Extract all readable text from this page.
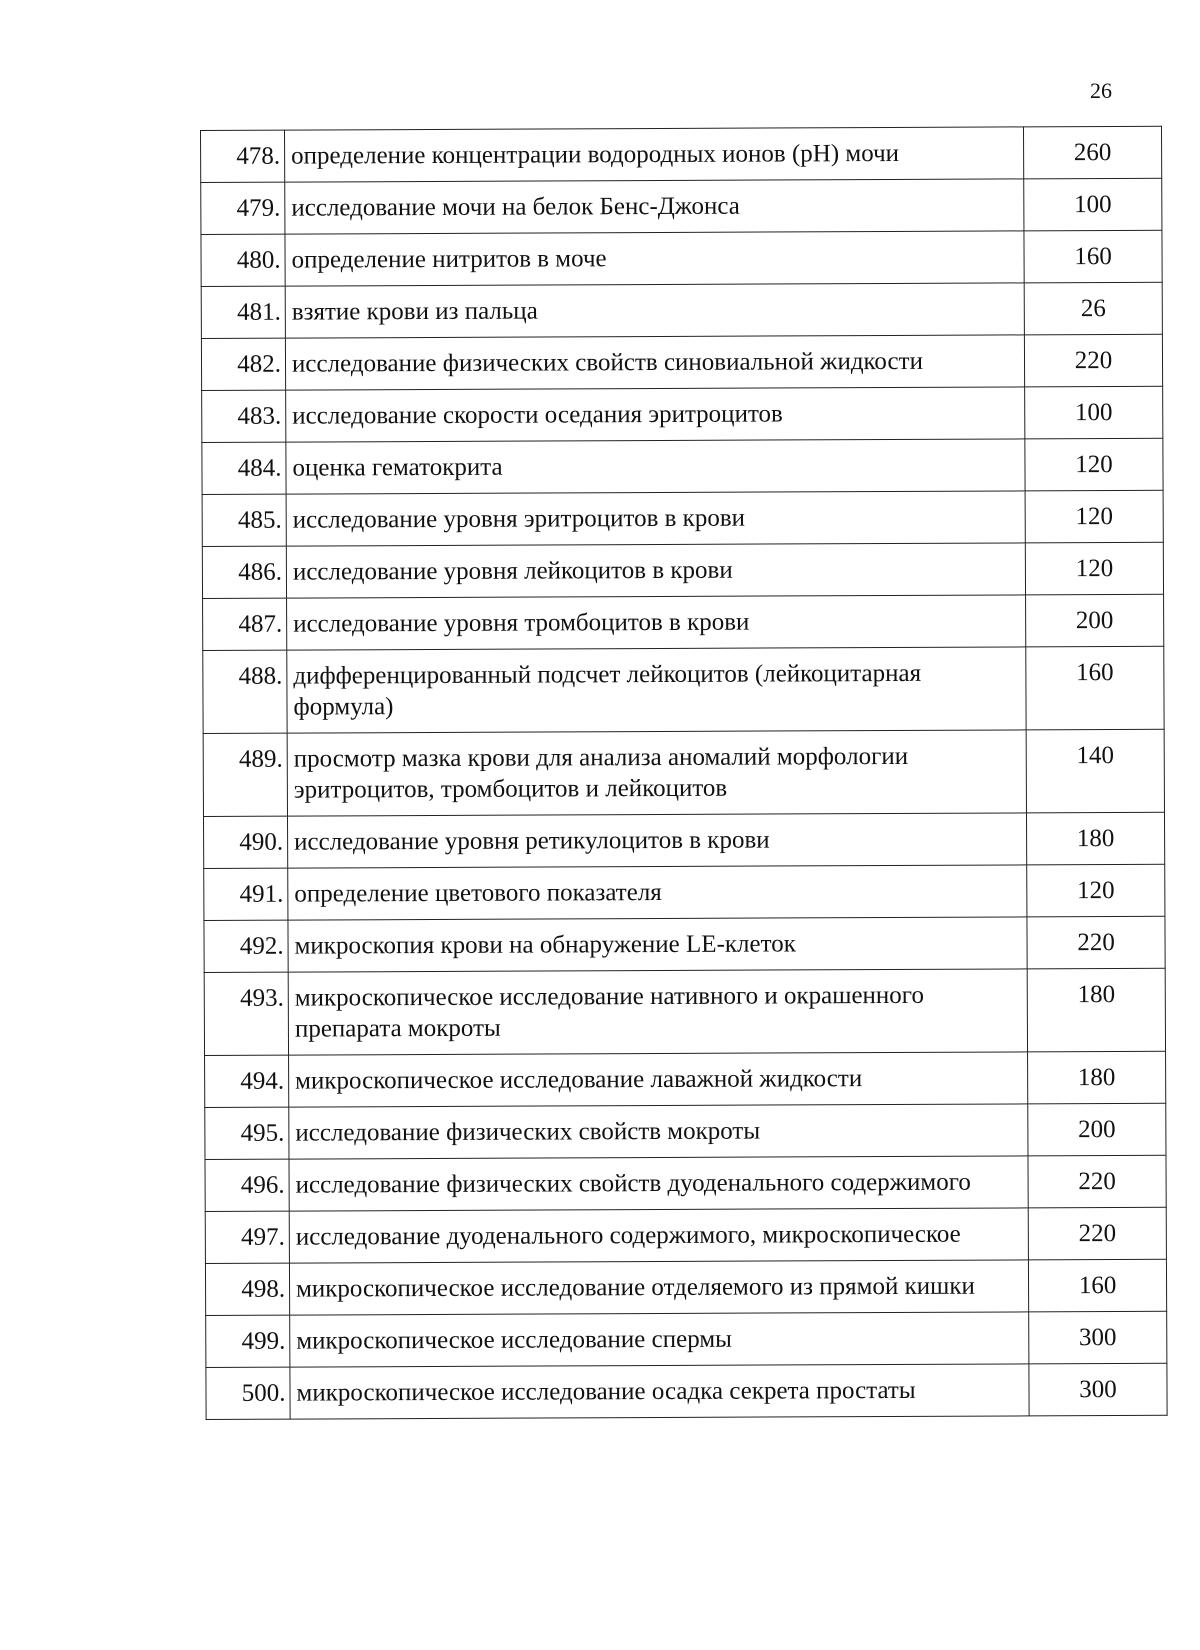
26
478.	определение концентрации водородных ионов (pH) мочи	260
479.	исследование мочи на белок Бенс-Джонса	100
480.	определение нитритов в моче	160
481.	взятие крови из пальца	26
482.	исследование физических свойств синовиальной жидкости	220
483.	исследование скорости оседания эритроцитов	100
484.	оценка гематокрита	120
485.	исследование уровня эритроцитов в крови	120
486.	исследование уровня лейкоцитов в крови	120
487.	исследование уровня тромбоцитов в крови	200
488.	дифференцированный подсчет лейкоцитов (лейкоцитарная формула)	160
489.	просмотр мазка крови для анализа аномалий морфологии эритроцитов, тромбоцитов и лейкоцитов	140
490.	исследование уровня ретикулоцитов в крови	180
491.	определение цветового показателя	120
492.	микроскопия крови на обнаружение LE-клеток	220
493.	микроскопическое исследование нативного и окрашенного препарата мокроты	180
494.	микроскопическое исследование лаважной жидкости	180
495.	исследование физических свойств мокроты	200
496.	исследование физических свойств дуоденального содержимого	220
497.	исследование дуоденального содержимого, микроскопическое	220
498.	микроскопическое исследование отделяемого из прямой кишки	160
499.	микроскопическое исследование спермы	300
500.	микроскопическое исследование осадка секрета простаты	300
